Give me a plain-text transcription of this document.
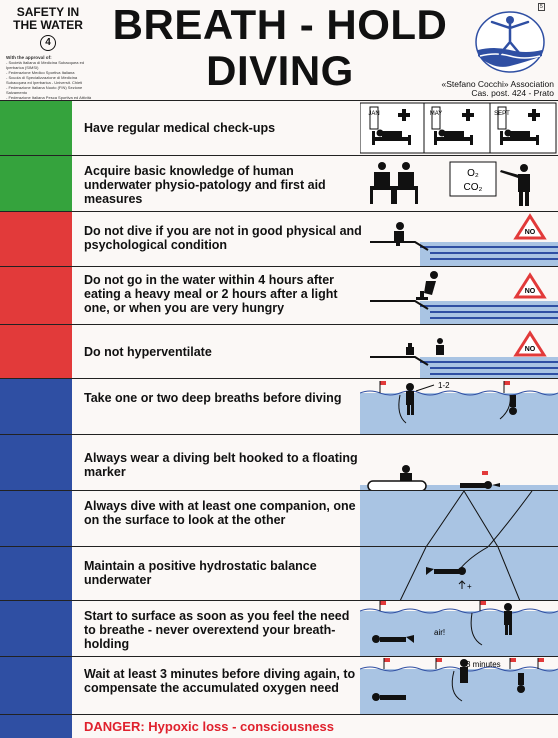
SAFETY IN THE WATER
4
With the approval of:
- Società Italiana di Medicina Subacquea ed Iperbarica (SIMSI)
- Federazione Medico Sportiva Italiana
- Scuola di Specializzazione di Medicina Subacquea ed Iperbarica - Universit. Chieti
- Federazione Italiana Nuoto (FIN) Sezione Salvamento
- Federazione Italiana Pesca Sportiva ed Attività
BREATH - HOLD
DIVING
5
«Stefano Cocchi» Association
Cas. post. 424 - Prato
Have regular medical check-ups
JAN	MAY	SEPT
Acquire basic knowledge of human underwater physio-patology and first aid measures
O₂
CO₂
Do not dive if you are not in good physical and psychological condition
NO
Do not go in the water within 4 hours after eating a heavy meal or 2 hours after a light one, or when you are very hungry
NO
Do not hyperventilate	NO
Take one or two deep breaths before diving
1-2
Always wear a diving belt hooked to a floating marker
Always dive with at least one companion, one on the surface to look at the other
Maintain a positive hydrostatic balance underwater	+
Start to surface as soon as you feel the need to breathe - never overextend your breath-holding
air!
Wait at least 3 minutes before diving again, to compensate the accumulated oxygen need
3 minutes
DANGER: Hypoxic loss - consciousness
